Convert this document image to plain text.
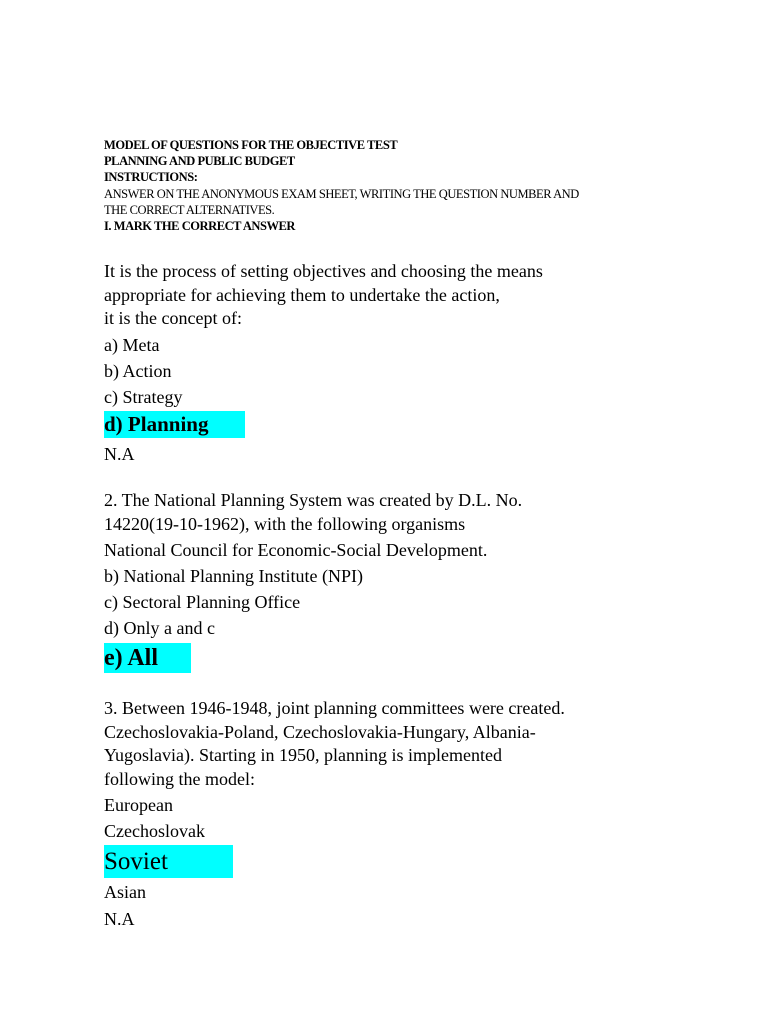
MODEL OF QUESTIONS FOR THE OBJECTIVE TEST
PLANNING AND PUBLIC BUDGET
INSTRUCTIONS:
ANSWER ON THE ANONYMOUS EXAM SHEET, WRITING THE QUESTION NUMBER AND
THE CORRECT ALTERNATIVES.
I. MARK THE CORRECT ANSWER
It is the process of setting objectives and choosing the means
appropriate for achieving them to undertake the action,
it is the concept of:
a) Meta
b) Action
c) Strategy
d) Planning
N.A
2. The National Planning System was created by D.L. No.
14220(19-10-1962), with the following organisms
National Council for Economic-Social Development.
b) National Planning Institute (NPI)
c) Sectoral Planning Office
d) Only a and c
e) All
3. Between 1946-1948, joint planning committees were created.
Czechoslovakia-Poland, Czechoslovakia-Hungary, Albania-
Yugoslavia). Starting in 1950, planning is implemented
following the model:
European
Czechoslovak
Soviet
Asian
N.A
